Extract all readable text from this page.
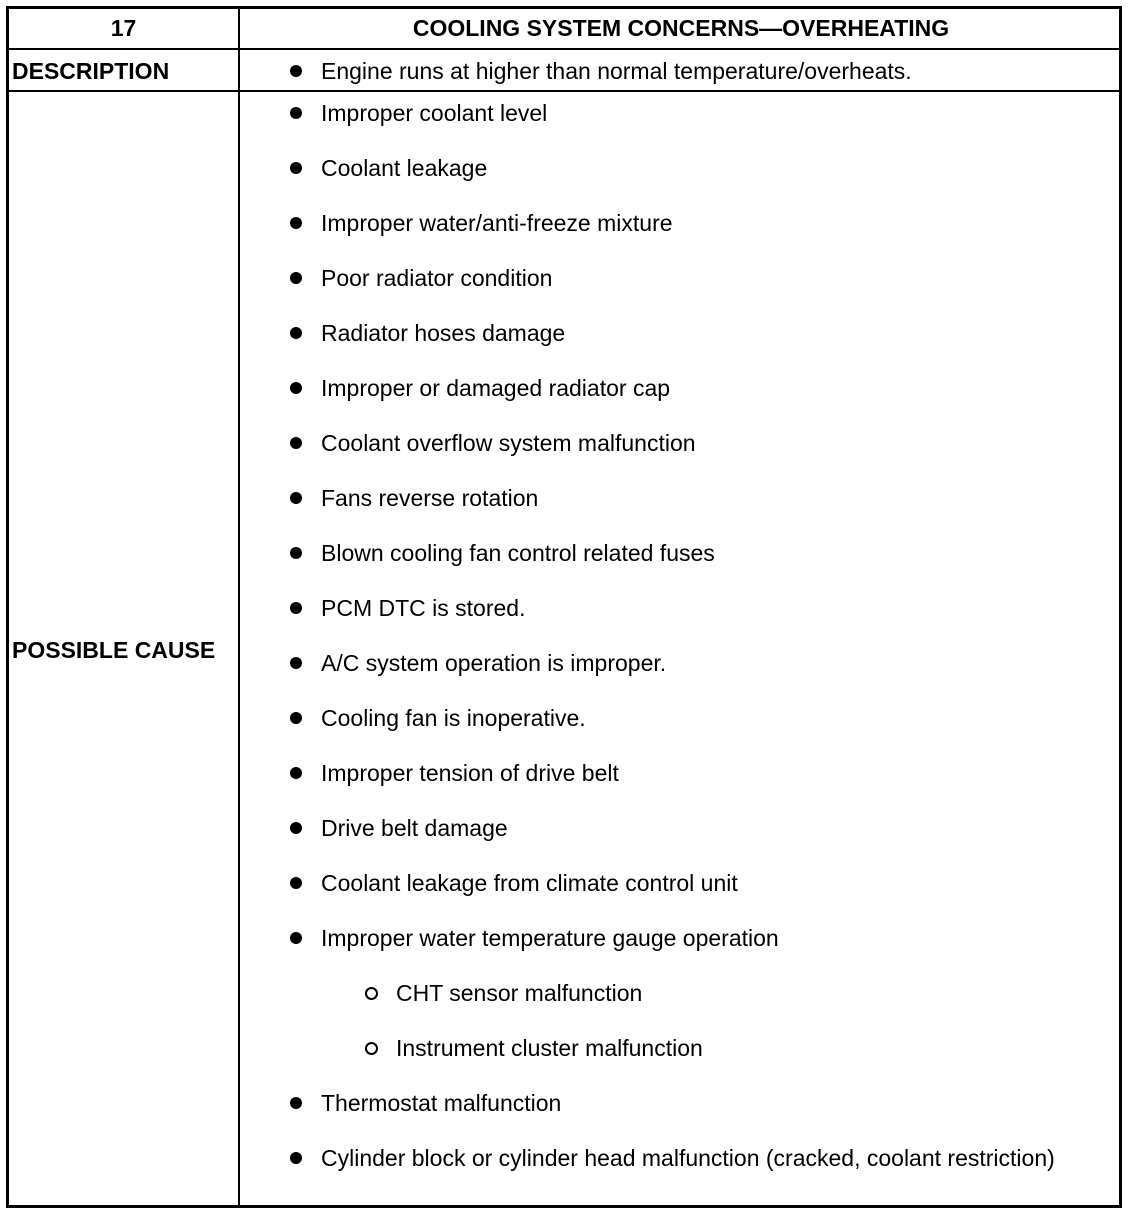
17	COOLING SYSTEM CONCERNS—OVERHEATING
DESCRIPTION	Engine runs at higher than normal temperature/overheats.
POSSIBLE CAUSE
Improper coolant level
Coolant leakage
Improper water/anti-freeze mixture
Poor radiator condition
Radiator hoses damage
Improper or damaged radiator cap
Coolant overflow system malfunction
Fans reverse rotation
Blown cooling fan control related fuses
PCM DTC is stored.
A/C system operation is improper.
Cooling fan is inoperative.
Improper tension of drive belt
Drive belt damage
Coolant leakage from climate control unit
Improper water temperature gauge operation
CHT sensor malfunction
Instrument cluster malfunction
Thermostat malfunction
Cylinder block or cylinder head malfunction (cracked, coolant restriction)
